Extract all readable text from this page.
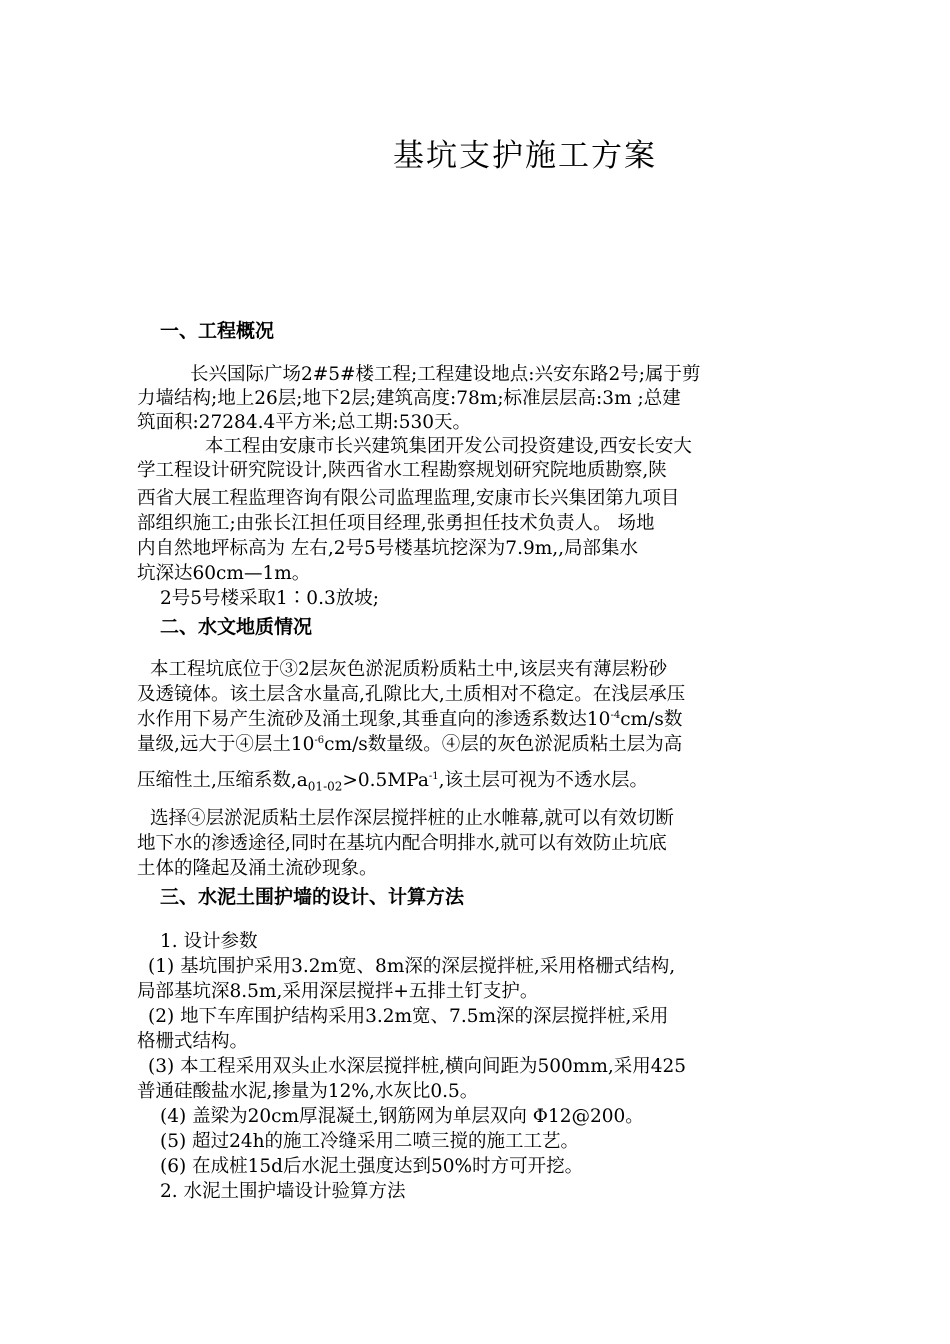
基坑支护施工方案
一、工程概况
长兴国际广场2#5#楼工程;工程建设地点:兴安东路2号;属于剪
力墙结构;地上26层;地下2层;建筑高度:78m;标准层层高:3m ;总建
筑面积:27284.4平方米;总工期:530天。
本工程由安康市长兴建筑集团开发公司投资建设,西安长安大
学工程设计研究院设计,陕西省水工程勘察规划研究院地质勘察,陕
西省大展工程监理咨询有限公司监理监理,安康市长兴集团第九项目
部组织施工;由张长江担任项目经理,张勇担任技术负责人。 场地
内自然地坪标高为 左右,2号5号楼基坑挖深为7.9m,,局部集水
坑深达60cm—1m。
2号5号楼采取1∶0.3放坡;
二、水文地质情况
本工程坑底位于③2层灰色淤泥质粉质粘土中,该层夹有薄层粉砂
及透镜体。该土层含水量高,孔隙比大,土质相对不稳定。在浅层承压
水作用下易产生流砂及涌土现象,其垂直向的渗透系数达$10^{-4}cm/s$数
量级,远大于④层土$10^{-6}cm/s$数量级。④层的灰色淤泥质粘土层为高
压缩性土,压缩系数$,a_{01-02}>0.5MPa^{-1}$,该土层可视为不透水层。
选择④层淤泥质粘土层作深层搅拌桩的止水帷幕,就可以有效切断
地下水的渗透途径,同时在基坑内配合明排水,就可以有效防止坑底
土体的隆起及涌土流砂现象。
三、水泥土围护墙的设计、计算方法
1. 设计参数
(1) 基坑围护采用3.2m宽、8m深的深层搅拌桩,采用格栅式结构,
局部基坑深8.5m,采用深层搅拌+五排土钉支护。
(2) 地下车库围护结构采用3.2m宽、7.5m深的深层搅拌桩,采用
格栅式结构。
(3) 本工程采用双头止水深层搅拌桩,横向间距为500mm,采用425
普通硅酸盐水泥,掺量为12%,水灰比0.5。
(4) 盖梁为20cm厚混凝土,钢筋网为单层双向 Φ12@200。
(5) 超过24h的施工冷缝采用二喷三搅的施工工艺。
(6) 在成桩15d后水泥土强度达到50%时方可开挖。
2. 水泥土围护墙设计验算方法
